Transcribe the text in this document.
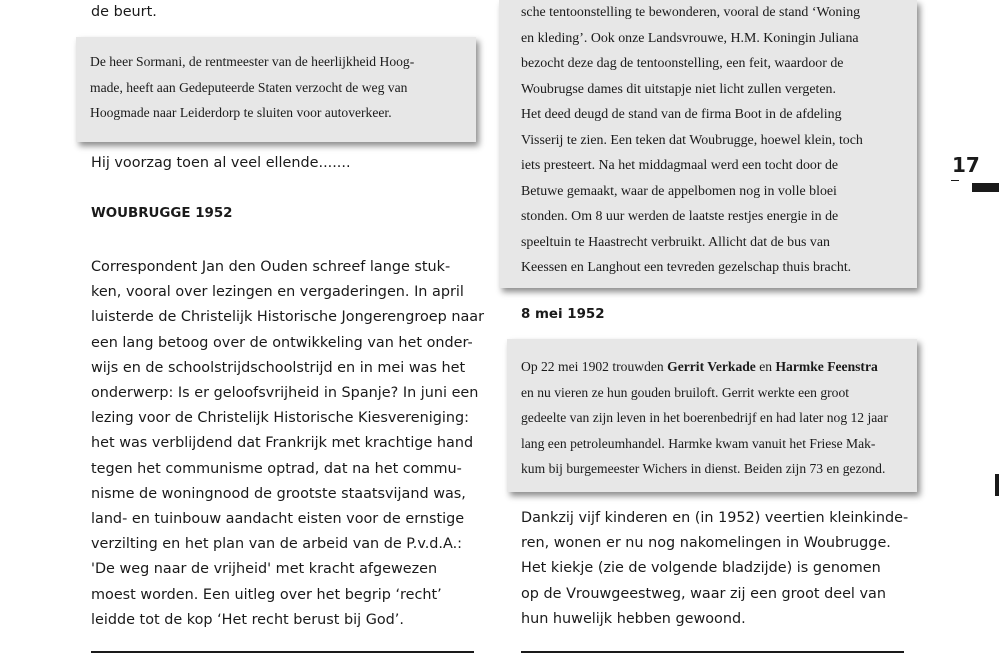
de beurt.

De heer Sormani, de rentmeester van de heerlijkheid Hoog-
made, heeft aan Gedeputeerde Staten verzocht de weg van
Hoogmade naar Leiderdorp te sluiten voor autoverkeer.

Hij voorzag toen al veel ellende.......
WOUBRUGGE 1952
Correspondent Jan den Ouden schreef lange stuk-
ken, vooral over lezingen en vergaderingen. In april
luisterde de Christelijk Historische Jongerengroep naar
een lang betoog over de ontwikkeling van het onder-
wijs en de schoolstrijdschoolstrijd en in mei was het
onderwerp: Is er geloofsvrijheid in Spanje? In juni een
lezing voor de Christelijk Historische Kiesvereniging:
het was verblijdend dat Frankrijk met krachtige hand
tegen het communisme optrad, dat na het commu-
nisme de woningnood de grootste staatsvijand was,
land- en tuinbouw aandacht eisten voor de ernstige
verzilting en het plan van de arbeid van de P.v.d.A.:
'De weg naar de vrijheid' met kracht afgewezen
moest worden. Een uitleg over het begrip ‘recht’
leidde tot de kop ‘Het recht berust bij God’.

sche tentoonstelling te bewonderen, vooral de stand ‘Woning
en kleding’. Ook onze Landsvrouwe, H.M. Koningin Juliana
bezocht deze dag de tentoonstelling, een feit, waardoor de
Woubrugse dames dit uitstapje niet licht zullen vergeten.
Het deed deugd de stand van de firma Boot in de afdeling
Visserij te zien. Een teken dat Woubrugge, hoewel klein, toch
iets presteert. Na het middagmaal werd een tocht door de
Betuwe gemaakt, waar de appelbomen nog in volle bloei
stonden. Om 8 uur werden de laatste restjes energie in de
speeltuin te Haastrecht verbruikt. Allicht dat de bus van
Keessen en Langhout een tevreden gezelschap thuis bracht.

8 mei 1952

Op 22 mei 1902 trouwden Gerrit Verkade en Harmke Feenstra
en nu vieren ze hun gouden bruiloft. Gerrit werkte een groot
gedeelte van zijn leven in het boerenbedrijf en had later nog 12 jaar
lang een petroleumhandel. Harmke kwam vanuit het Friese Mak-
kum bij burgemeester Wichers in dienst. Beiden zijn 73 en gezond.

Dankzij vijf kinderen en (in 1952) veertien kleinkinde-
ren, wonen er nu nog nakomelingen in Woubrugge.
Het kiekje (zie de volgende bladzijde) is genomen
op de Vrouwgeestweg, waar zij een groot deel van
hun huwelijk hebben gewoond.
17
